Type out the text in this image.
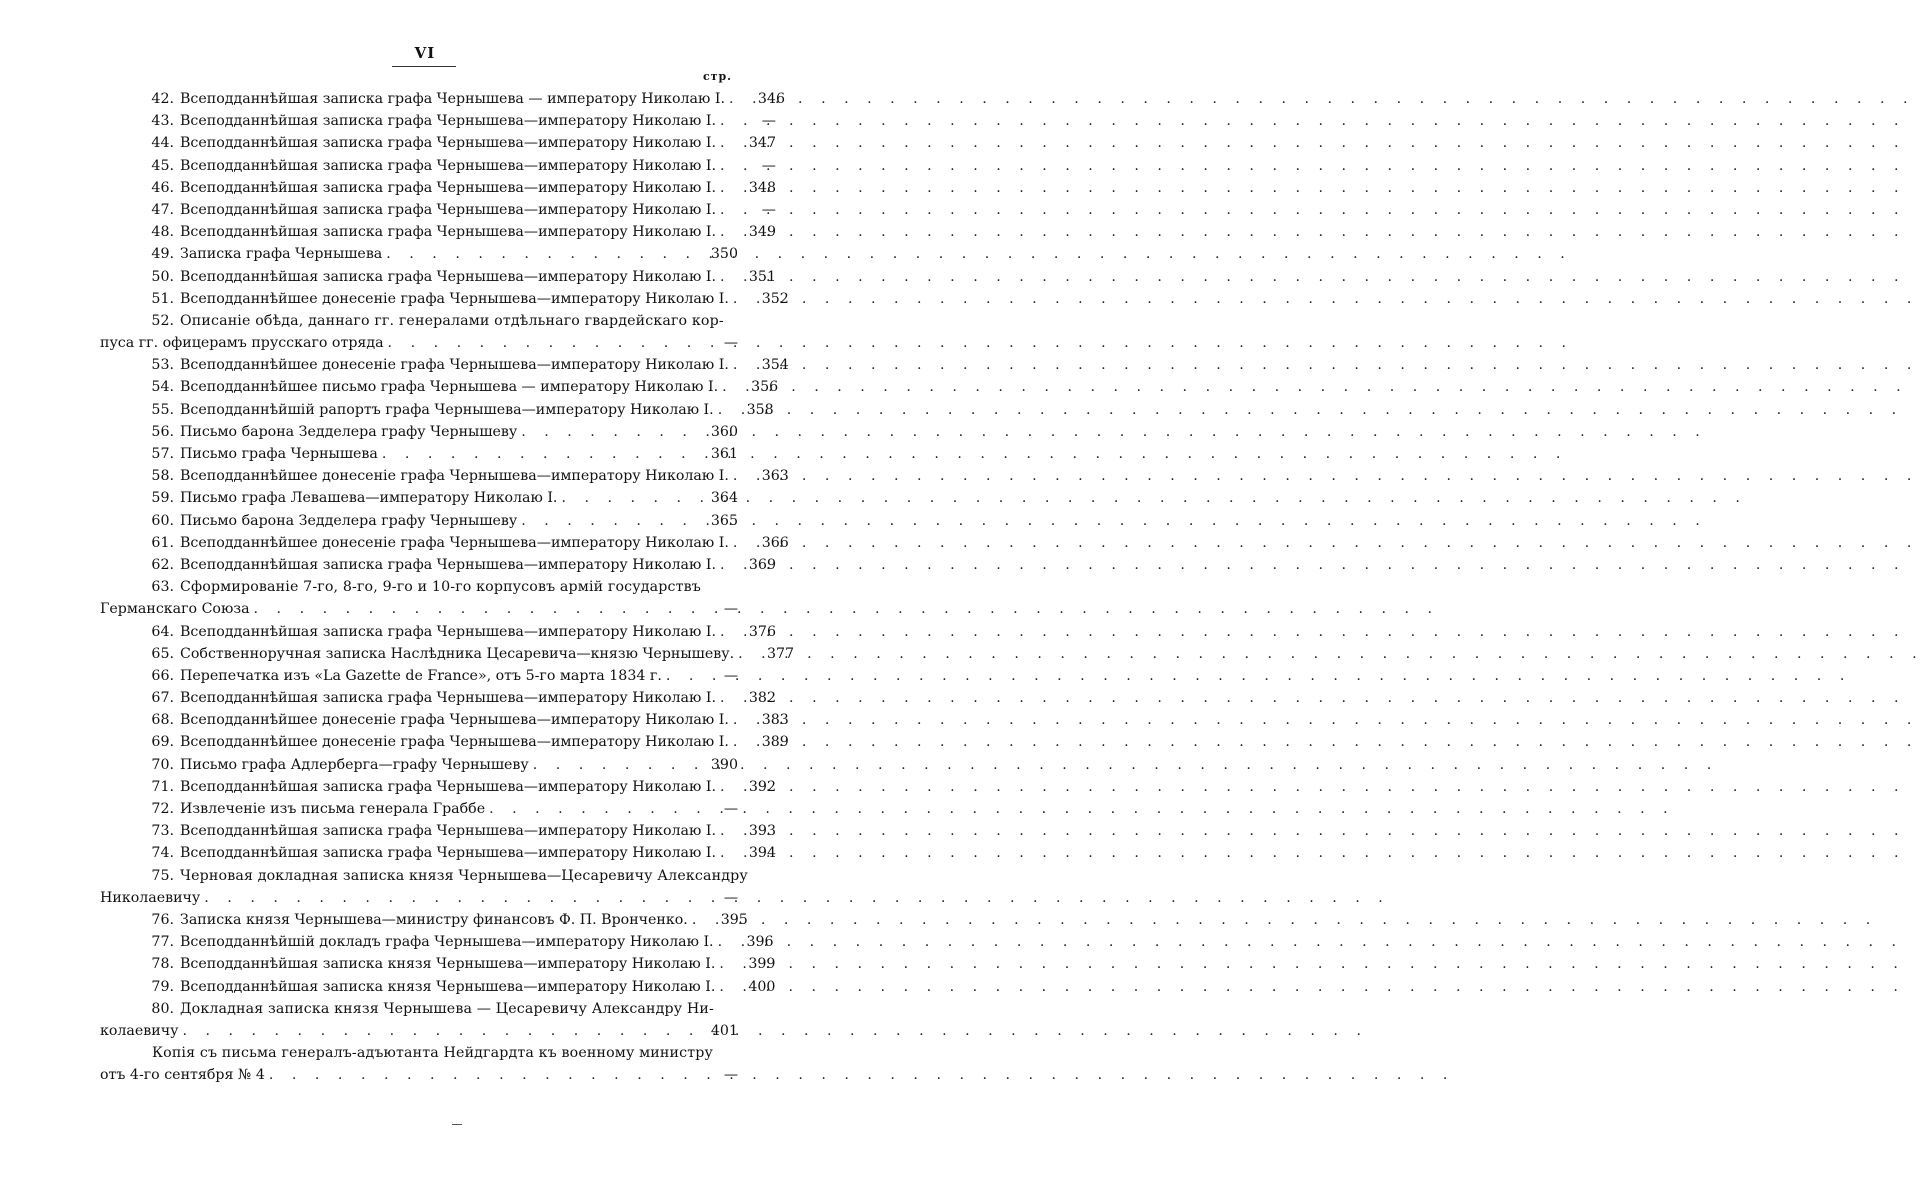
VI
стр.
42. Всеподданнѣйшая записка графа Чернышева — императору Николаю I. . . .	346
43. Всеподданнѣйшая записка графа Чернышева—императору Николаю I. . . .	—
44. Всеподданнѣйшая записка графа Чернышева—императору Николаю I. . . .	347
45. Всеподданнѣйшая записка графа Чернышева—императору Николаю I. . . .	—
46. Всеподданнѣйшая записка графа Чернышева—императору Николаю I. . . .	348
47. Всеподданнѣйшая записка графа Чернышева—императору Николаю I. . . .	—
48. Всеподданнѣйшая записка графа Чернышева—императору Николаю I. . . .	349
49. Записка графа Чернышева . . .	350
50. Всеподданнѣйшая записка графа Чернышева—императору Николаю I. . . .	351
51. Всеподданнѣйшее донесеніе графа Чернышева—императору Николаю I. . . .	352
52. Описаніе обѣда, даннаго гг. генералами отдѣльнаго гвардейскаго кор-
пуса гг. офицерамъ прусскаго отряда . . .	—
53. Всеподданнѣйшее донесеніе графа Чернышева—императору Николаю I. . . .	354
54. Всеподданнѣйшее письмо графа Чернышева — императору Николаю I. . . .	356
55. Всеподданнѣйшій рапортъ графа Чернышева—императору Николаю I. . . .	358
56. Письмо барона Зедделера графу Чернышеву . . .	360
57. Письмо графа Чернышева . . .	361
58. Всеподданнѣйшее донесеніе графа Чернышева—императору Николаю I. . . .	363
59. Письмо графа Левашева—императору Николаю I. . . .	364
60. Письмо барона Зедделера графу Чернышеву . . .	365
61. Всеподданнѣйшее донесеніе графа Чернышева—императору Николаю I. . . .	366
62. Всеподданнѣйшая записка графа Чернышева—императору Николаю I. . . .	369
63. Сформированіе 7-го, 8-го, 9-го и 10-го корпусовъ армій государствъ
Германскаго Союза . . .	—
64. Всеподданнѣйшая записка графа Чернышева—императору Николаю I. . . .	376
65. Собственноручная записка Наслѣдника Цесаревича—князю Чернышеву. . . .	377
66. Перепечатка изъ «La Gazette de France», отъ 5-го марта 1834 г. . . .	—
67. Всеподданнѣйшая записка графа Чернышева—императору Николаю I. . . .	382
68. Всеподданнѣйшее донесеніе графа Чернышева—императору Николаю I. . . .	383
69. Всеподданнѣйшее донесеніе графа Чернышева—императору Николаю I. . . .	389
70. Письмо графа Адлерберга—графу Чернышеву . . .	390
71. Всеподданнѣйшая записка графа Чернышева—императору Николаю I. . . .	392
72. Извлеченіе изъ письма генерала Граббе . . .	—
73. Всеподданнѣйшая записка графа Чернышева—императору Николаю I. . . .	393
74. Всеподданнѣйшая записка графа Чернышева—императору Николаю I. . . .	394
75. Черновая докладная записка князя Чернышева—Цесаревичу Александру
Николаевичу . . .	—
76. Записка князя Чернышева—министру финансовъ Ф. П. Вронченко. . . .	395
77. Всеподданнѣйшій докладъ графа Чернышева—императору Николаю I. . . .	396
78. Всеподданнѣйшая записка князя Чернышева—императору Николаю I. . . .	399
79. Всеподданнѣйшая записка князя Чернышева—императору Николаю I. . . .	400
80. Докладная записка князя Чернышева — Цесаревичу Александру Ни-
колаевичу . . .	401
Копія съ письма генералъ-адъютанта Нейдгардта къ военному министру
отъ 4-го сентября № 4 . . .	—
